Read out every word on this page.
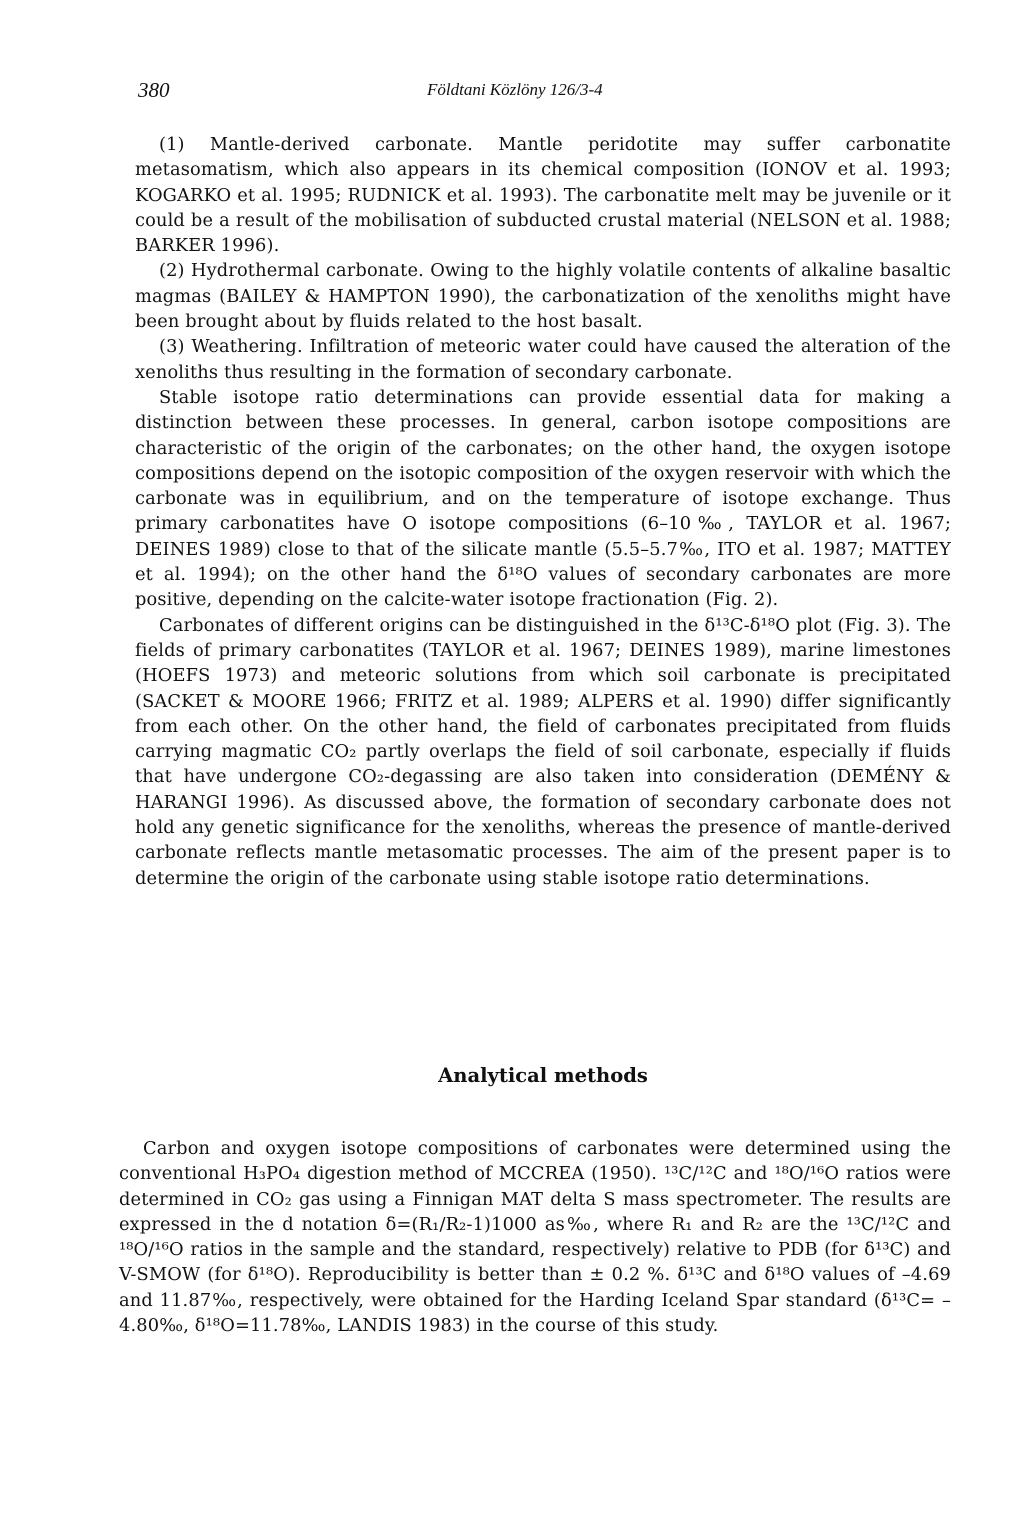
380	Földtani Közlöny 126/3-4

(1) Mantle-derived carbonate. Mantle peridotite may suffer carbonatite metasomatism, which also appears in its chemical composition (IONOV et al. 1993; KOGARKO et al. 1995; RUDNICK et al. 1993). The carbonatite melt may be juvenile or it could be a result of the mobilisation of subducted crustal material (NELSON et al. 1988; BARKER 1996).

(2) Hydrothermal carbonate. Owing to the highly volatile contents of alkaline basaltic magmas (BAILEY & HAMPTON 1990), the carbonatization of the xenoliths might have been brought about by fluids related to the host basalt.

(3) Weathering. Infiltration of meteoric water could have caused the alteration of the xenoliths thus resulting in the formation of secondary carbonate.

Stable isotope ratio determinations can provide essential data for making a distinction between these processes. In general, carbon isotope compositions are characteristic of the origin of the carbonates; on the other hand, the oxygen isotope compositions depend on the isotopic composition of the oxygen reservoir with which the carbonate was in equilibrium, and on the temperature of isotope exchange. Thus primary carbonatites have O isotope compositions (6–10‰, TAYLOR et al. 1967; DEINES 1989) close to that of the silicate mantle (5.5–5.7‰, ITO et al. 1987; MATTEY et al. 1994); on the other hand the δ¹⁸O values of secondary carbonates are more positive, depending on the calcite-water isotope fractionation (Fig. 2).

Carbonates of different origins can be distinguished in the δ¹³C-δ¹⁸O plot (Fig. 3). The fields of primary carbonatites (TAYLOR et al. 1967; DEINES 1989), marine limestones (HOEFS 1973) and meteoric solutions from which soil carbonate is precipitated (SACKET & MOORE 1966; FRITZ et al. 1989; ALPERS et al. 1990) differ significantly from each other. On the other hand, the field of carbonates precipitated from fluids carrying magmatic CO₂ partly overlaps the field of soil carbonate, especially if fluids that have undergone CO₂-degassing are also taken into consideration (DEMÉNY & HARANGI 1996). As discussed above, the formation of secondary carbonate does not hold any genetic significance for the xenoliths, whereas the presence of mantle-derived carbonate reflects mantle metasomatic processes. The aim of the present paper is to determine the origin of the carbonate using stable isotope ratio determinations.

Analytical methods

Carbon and oxygen isotope compositions of carbonates were determined using the conventional H₃PO₄ digestion method of MCCREA (1950). ¹³C/¹²C and ¹⁸O/¹⁶O ratios were determined in CO₂ gas using a Finnigan MAT delta S mass spectrometer. The results are expressed in the d notation δ=(R₁/R₂-1)1000 as‰, where R₁ and R₂ are the ¹³C/¹²C and ¹⁸O/¹⁶O ratios in the sample and the standard, respectively) relative to PDB (for δ¹³C) and V-SMOW (for δ¹⁸O). Reproducibility is better than ± 0.2 %. δ¹³C and δ¹⁸O values of –4.69 and 11.87‰, respectively, were obtained for the Harding Iceland Spar standard (δ¹³C= –4.80‰, δ¹⁸O=11.78‰, LANDIS 1983) in the course of this study.
